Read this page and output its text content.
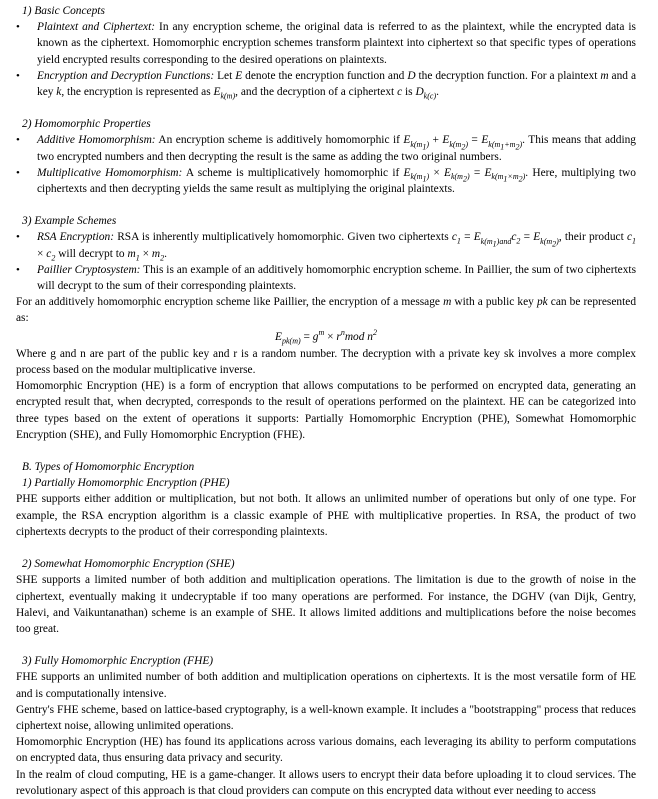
1) Basic Concepts
• Plaintext and Ciphertext: In any encryption scheme, the original data is referred to as the plaintext, while the encrypted data is known as the ciphertext. Homomorphic encryption schemes transform plaintext into ciphertext so that specific types of operations yield encrypted results corresponding to the desired operations on plaintexts.
• Encryption and Decryption Functions: Let E denote the encryption function and D the decryption function. For a plaintext m and a key k, the encryption is represented as $E_{k(m)}$, and the decryption of a ciphertext c is $D_{k(c)}$.
2) Homomorphic Properties
• Additive Homomorphism: An encryption scheme is additively homomorphic if $E_{k(m_1)} + E_{k(m_2)} = E_{k(m_1+m_2)}$. This means that adding two encrypted numbers and then decrypting the result is the same as adding the two original numbers.
• Multiplicative Homomorphism: A scheme is multiplicatively homomorphic if $E_{k(m_1)} \times E_{k(m_2)} = E_{k(m_1\times m_2)}$. Here, multiplying two ciphertexts and then decrypting yields the same result as multiplying the original plaintexts.
3) Example Schemes
• RSA Encryption: RSA is inherently multiplicatively homomorphic. Given two ciphertexts $c_1 = E_{k(m_1)and}c_2 = E_{k(m_2)}$, their product $c_1 \times c_2$ will decrypt to $m_1 \times m_2$.
• Paillier Cryptosystem: This is an example of an additively homomorphic encryption scheme. In Paillier, the sum of two ciphertexts will decrypt to the sum of their corresponding plaintexts.
For an additively homomorphic encryption scheme like Paillier, the encryption of a message m with a public key pk can be represented as:
$E_{pk(m)} = g^m \times r^nmod$ $n^2$
Where g and n are part of the public key and r is a random number. The decryption with a private key sk involves a more complex process based on the modular multiplicative inverse.
Homomorphic Encryption (HE) is a form of encryption that allows computations to be performed on encrypted data, generating an encrypted result that, when decrypted, corresponds to the result of operations performed on the plaintext. HE can be categorized into three types based on the extent of operations it supports: Partially Homomorphic Encryption (PHE), Somewhat Homomorphic Encryption (SHE), and Fully Homomorphic Encryption (FHE).
B. Types of Homomorphic Encryption
1) Partially Homomorphic Encryption (PHE)
PHE supports either addition or multiplication, but not both. It allows an unlimited number of operations but only of one type. For example, the RSA encryption algorithm is a classic example of PHE with multiplicative properties. In RSA, the product of two ciphertexts decrypts to the product of their corresponding plaintexts.
2) Somewhat Homomorphic Encryption (SHE)
SHE supports a limited number of both addition and multiplication operations. The limitation is due to the growth of noise in the ciphertext, eventually making it undecryptable if too many operations are performed. For instance, the DGHV (van Dijk, Gentry, Halevi, and Vaikuntanathan) scheme is an example of SHE. It allows limited additions and multiplications before the noise becomes too great.
3) Fully Homomorphic Encryption (FHE)
FHE supports an unlimited number of both addition and multiplication operations on ciphertexts. It is the most versatile form of HE and is computationally intensive.
Gentry's FHE scheme, based on lattice-based cryptography, is a well-known example. It includes a "bootstrapping" process that reduces ciphertext noise, allowing unlimited operations.
Homomorphic Encryption (HE) has found its applications across various domains, each leveraging its ability to perform computations on encrypted data, thus ensuring data privacy and security.
In the realm of cloud computing, HE is a game-changer. It allows users to encrypt their data before uploading it to cloud services. The revolutionary aspect of this approach is that cloud providers can compute on this encrypted data without ever needing to access
